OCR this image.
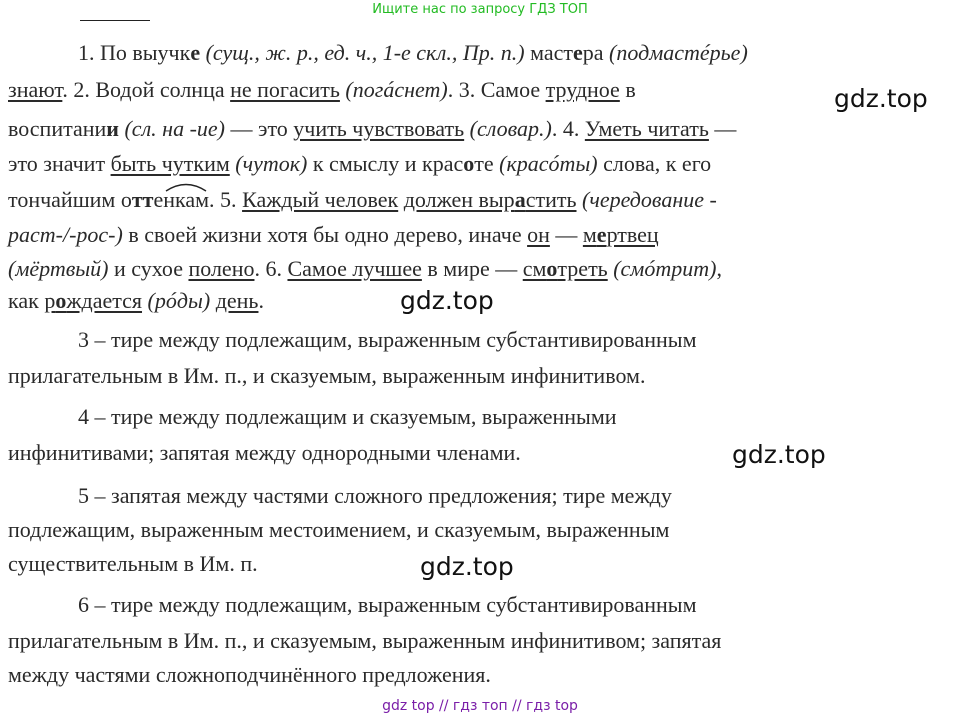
Ищите нас по запросу ГДЗ ТОП
1. По выучке (сущ., ж. р., ед. ч., 1-е скл., Пр. п.) мастера (подмастéрье)
знают. 2. Водой солнца не погасить (погáснет). 3. Самое трудное в
воспитании (сл. на -ие) — это учить чувствовать (словар.). 4. Уметь читать —
это значит быть чутким (чуток) к смыслу и красоте (красóты) слова, к его
тончайшим оттенкам. 5. Каждый человек должен вырастить (чередование -
раст-/-рос-) в своей жизни хотя бы одно дерево, иначе он — мертвец
(мёртвый) и сухое полено. 6. Самое лучшее в мире — смотреть (смóтрит),
как рождается (рóды) день.
3 – тире между подлежащим, выраженным субстантивированным
прилагательным в Им. п., и сказуемым, выраженным инфинитивом.
4 – тире между подлежащим и сказуемым, выраженными
инфинитивами; запятая между однородными членами.
5 – запятая между частями сложного предложения; тире между
подлежащим, выраженным местоимением, и сказуемым, выраженным
существительным в Им. п.
6 – тире между подлежащим, выраженным субстантивированным
прилагательным в Им. п., и сказуемым, выраженным инфинитивом; запятая
между частями сложноподчинённого предложения.
gdz.top
gdz.top
gdz.top
gdz.top
gdz top // гдз топ // гдз top
